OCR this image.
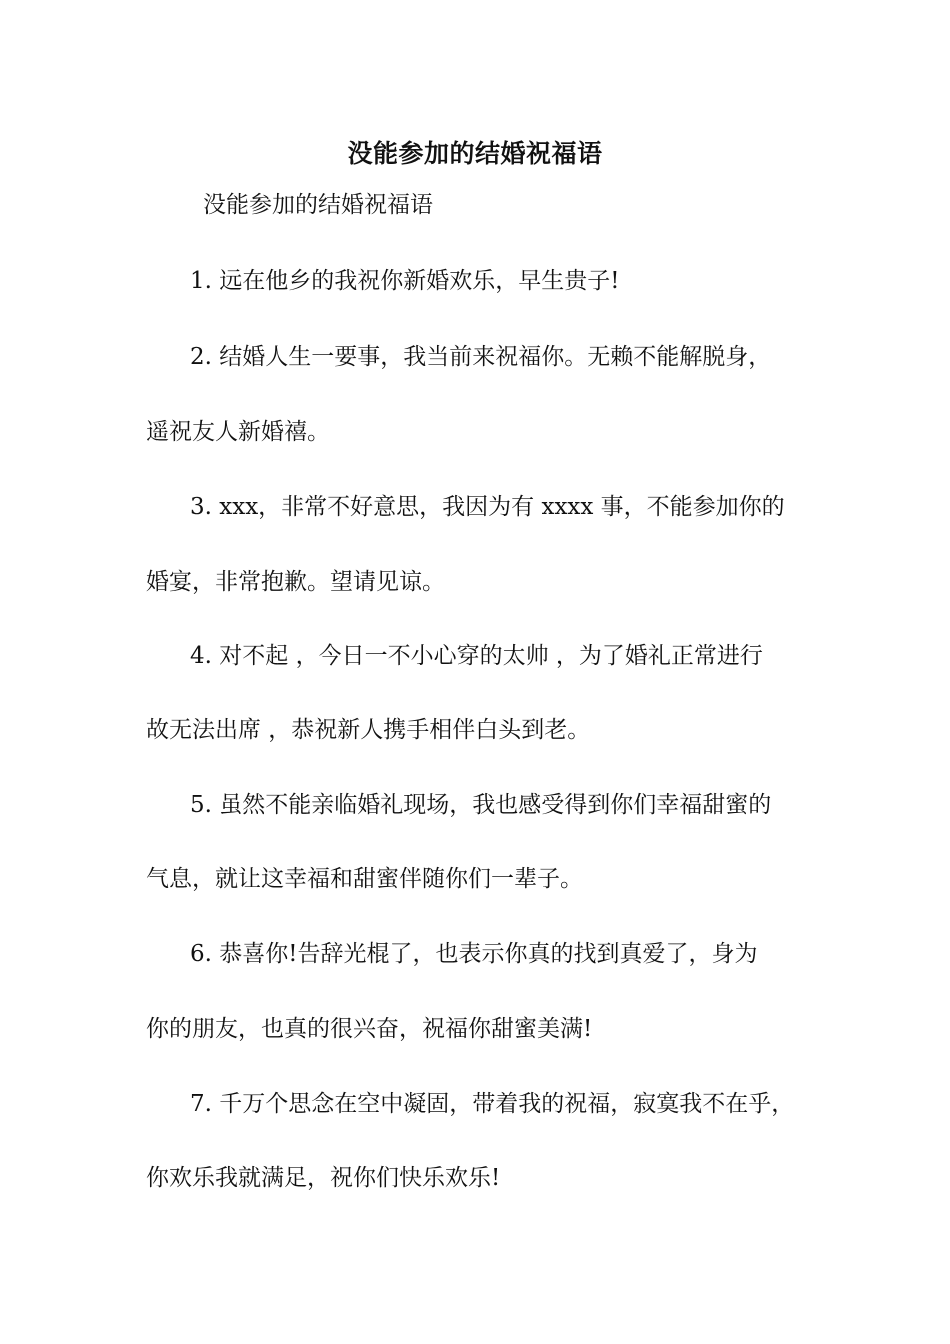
没能参加的结婚祝福语
没能参加的结婚祝福语
1. 远在他乡的我祝你新婚欢乐，早生贵子!
2. 结婚人生一要事，我当前来祝福你。无赖不能解脱身，
遥祝友人新婚禧。
3. xxx，非常不好意思，我因为有 xxxx 事，不能参加你的
婚宴，非常抱歉。望请见谅。
4. 对不起 ，今日一不小心穿的太帅 ，为了婚礼正常进行
故无法出席 ，恭祝新人携手相伴白头到老。
5. 虽然不能亲临婚礼现场，我也感受得到你们幸福甜蜜的
气息，就让这幸福和甜蜜伴随你们一辈子。
6. 恭喜你!告辞光棍了，也表示你真的找到真爱了，身为
你的朋友，也真的很兴奋，祝福你甜蜜美满!
7. 千万个思念在空中凝固，带着我的祝福，寂寞我不在乎，
你欢乐我就满足，祝你们快乐欢乐!
